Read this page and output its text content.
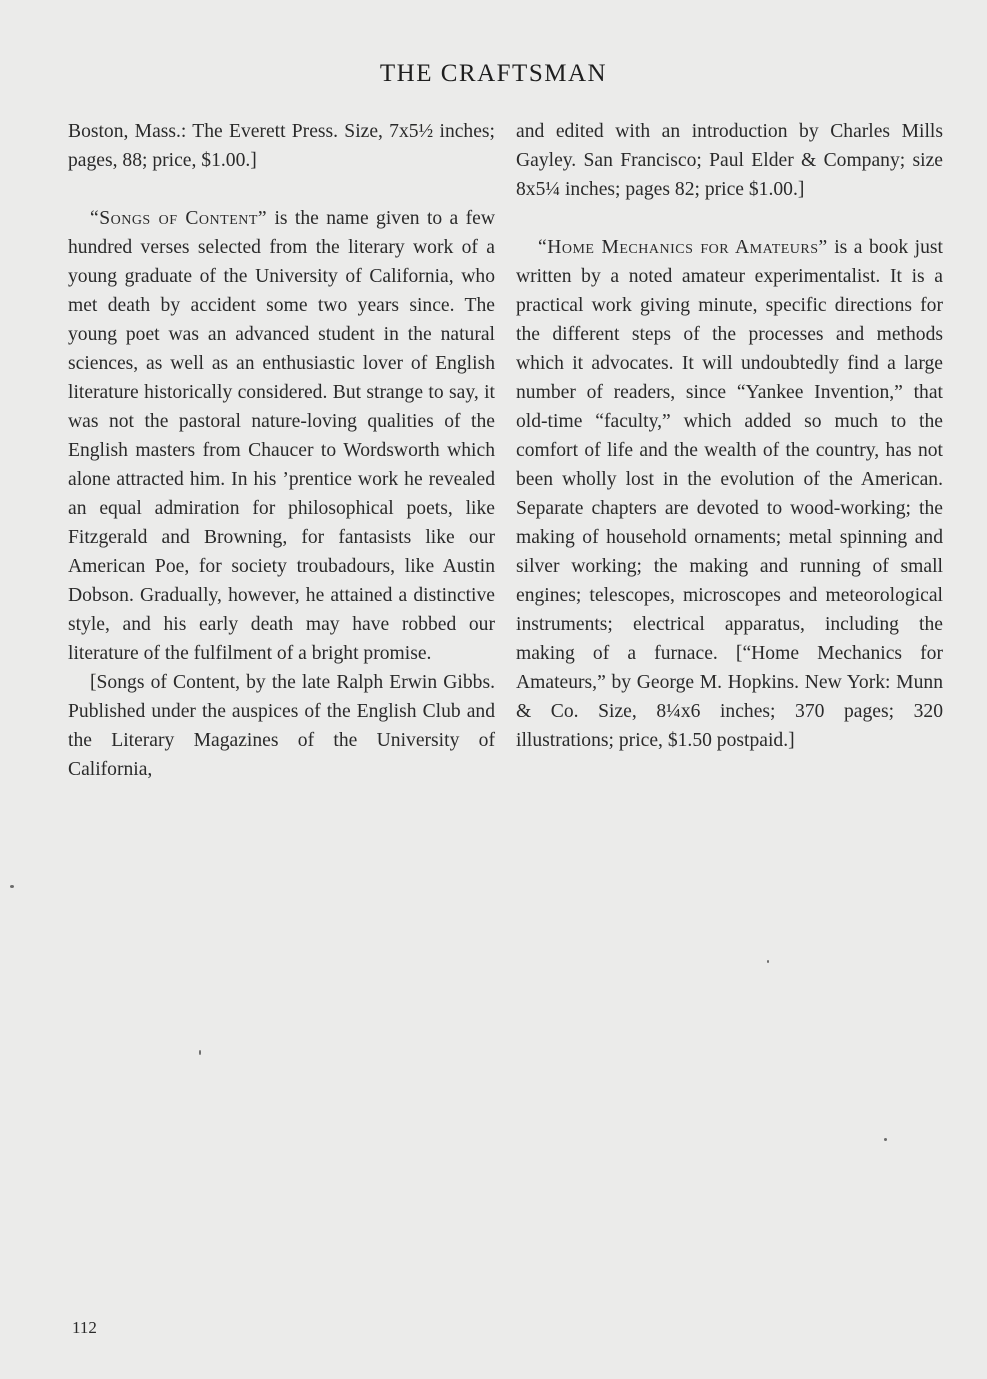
THE CRAFTSMAN

Boston, Mass.: The Everett Press. Size, 7x5½ inches; pages, 88; price, $1.00.]

“Songs of Content” is the name given to a few hundred verses selected from the literary work of a young graduate of the University of California, who met death by accident some two years since. The young poet was an advanced student in the natural sciences, as well as an enthusiastic lover of English literature historically considered. But strange to say, it was not the pastoral nature-loving qualities of the English masters from Chaucer to Wordsworth which alone attracted him. In his ’prentice work he revealed an equal admiration for philosophical poets, like Fitzgerald and Browning, for fantasists like our American Poe, for society troubadours, like Austin Dobson. Gradually, however, he attained a distinctive style, and his early death may have robbed our literature of the fulfilment of a bright promise.

[Songs of Content, by the late Ralph Erwin Gibbs. Published under the auspices of the English Club and the Literary Magazines of the University of California,

and edited with an introduction by Charles Mills Gayley. San Francisco; Paul Elder & Company; size 8x5¼ inches; pages 82; price $1.00.]

“Home Mechanics for Amateurs” is a book just written by a noted amateur experimentalist. It is a practical work giving minute, specific directions for the different steps of the processes and methods which it advocates. It will undoubtedly find a large number of readers, since “Yankee Invention,” that old-time “faculty,” which added so much to the comfort of life and the wealth of the country, has not been wholly lost in the evolution of the American. Separate chapters are devoted to wood-working; the making of household ornaments; metal spinning and silver working; the making and running of small engines; telescopes, microscopes and meteorological instruments; electrical apparatus, including the making of a furnace. [“Home Mechanics for Amateurs,” by George M. Hopkins. New York: Munn & Co. Size, 8¼x6 inches; 370 pages; 320 illustrations; price, $1.50 postpaid.]

112
